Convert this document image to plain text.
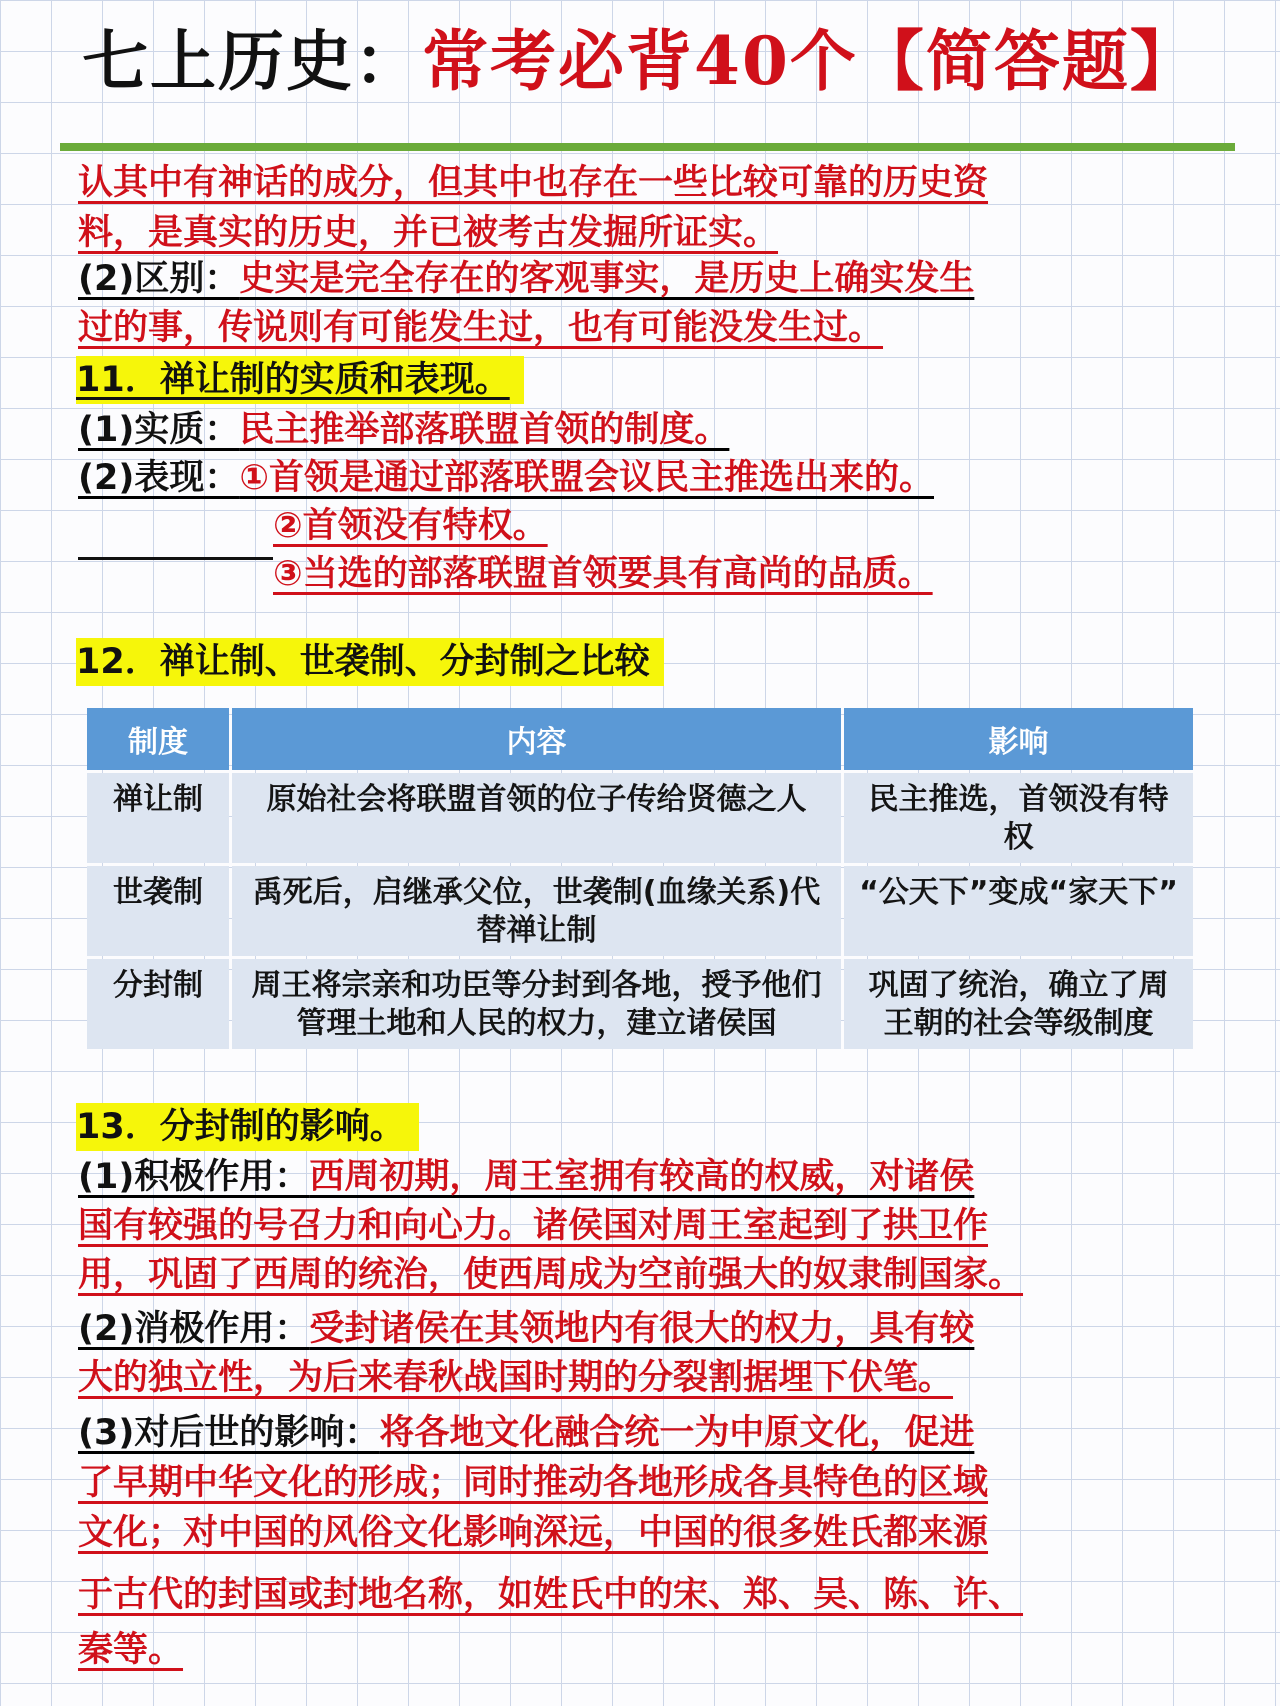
七上历史：常考必背40个【简答题】
认其中有神话的成分，但其中也存在一些比较可靠的历史资
料，是真实的历史，并已被考古发掘所证实。
(2)区别：史实是完全存在的客观事实，是历史上确实发生
过的事，传说则有可能发生过，也有可能没发生过。
11．禅让制的实质和表现。
(1)实质：民主推举部落联盟首领的制度。
(2)表现：①首领是通过部落联盟会议民主推选出来的。
②首领没有特权。
③当选的部落联盟首领要具有高尚的品质。
12．禅让制、世袭制、分封制之比较
制度	内容	影响
禅让制	原始社会将联盟首领的位子传给贤德之人	民主推选，首领没有特权
世袭制	禹死后，启继承父位，世袭制(血缘关系)代替禅让制	“公天下”变成“家天下”
分封制	周王将宗亲和功臣等分封到各地，授予他们管理土地和人民的权力，建立诸侯国	巩固了统治，确立了周王朝的社会等级制度
13．分封制的影响。
(1)积极作用：西周初期，周王室拥有较高的权威，对诸侯
国有较强的号召力和向心力。诸侯国对周王室起到了拱卫作
用，巩固了西周的统治，使西周成为空前强大的奴隶制国家。
(2)消极作用：受封诸侯在其领地内有很大的权力，具有较
大的独立性，为后来春秋战国时期的分裂割据埋下伏笔。
(3)对后世的影响：将各地文化融合统一为中原文化，促进
了早期中华文化的形成；同时推动各地形成各具特色的区域
文化；对中国的风俗文化影响深远，中国的很多姓氏都来源
于古代的封国或封地名称，如姓氏中的宋、郑、吴、陈、许、
秦等。
